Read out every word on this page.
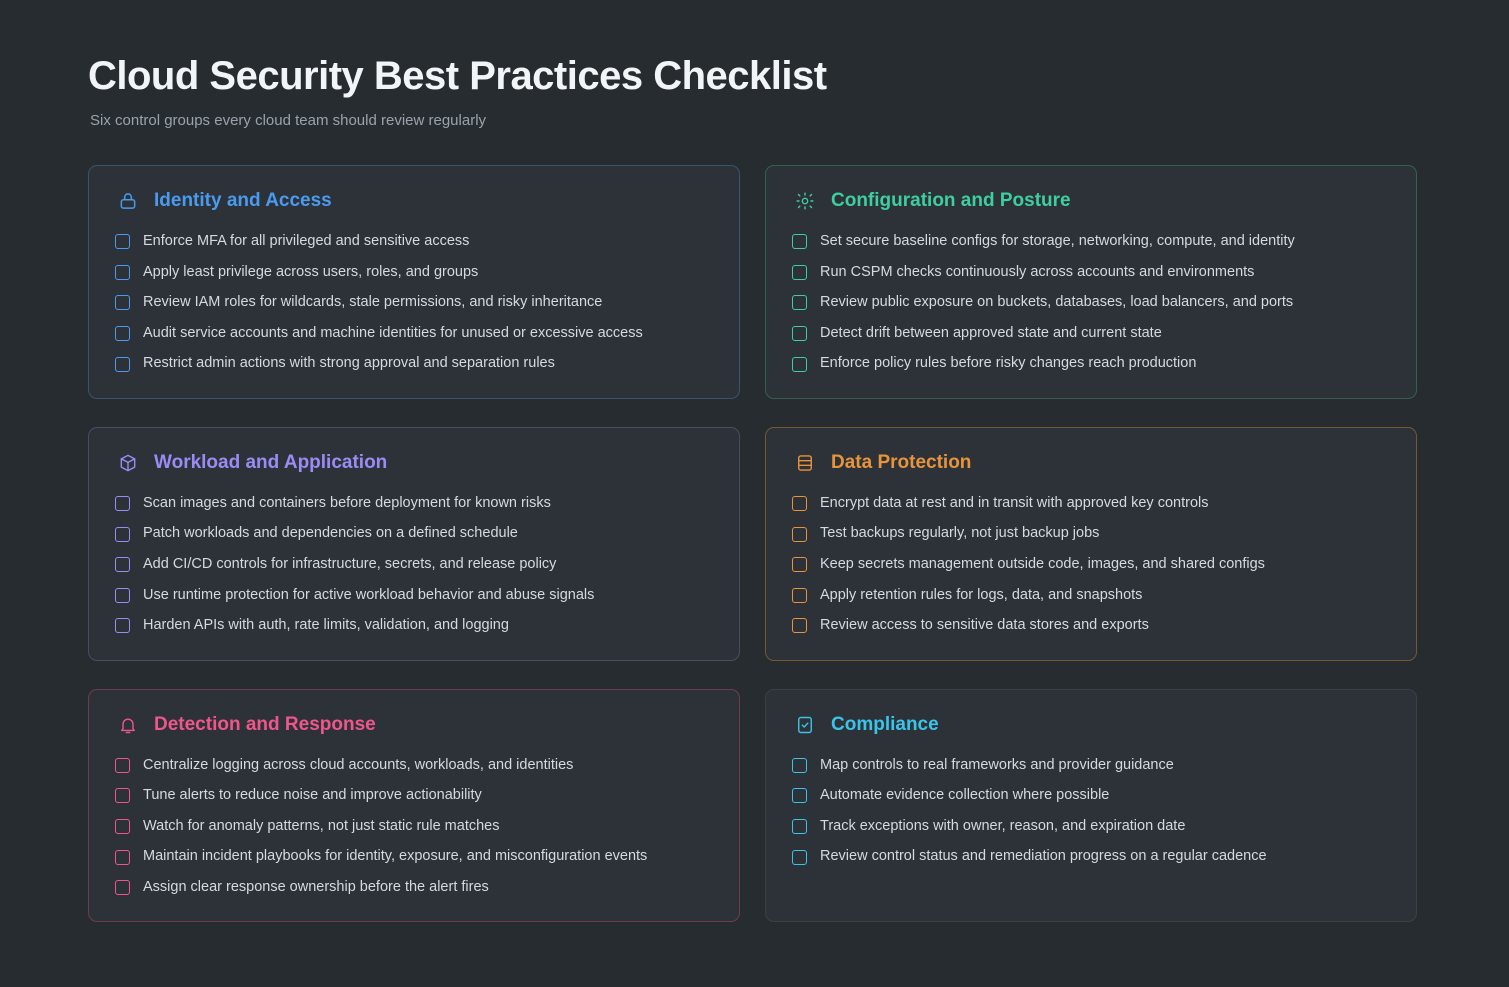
Cloud Security Best Practices Checklist
Six control groups every cloud team should review regularly
Identity and Access
Enforce MFA for all privileged and sensitive access
Apply least privilege across users, roles, and groups
Review IAM roles for wildcards, stale permissions, and risky inheritance
Audit service accounts and machine identities for unused or excessive access
Restrict admin actions with strong approval and separation rules
Configuration and Posture
Set secure baseline configs for storage, networking, compute, and identity
Run CSPM checks continuously across accounts and environments
Review public exposure on buckets, databases, load balancers, and ports
Detect drift between approved state and current state
Enforce policy rules before risky changes reach production
Workload and Application
Scan images and containers before deployment for known risks
Patch workloads and dependencies on a defined schedule
Add CI/CD controls for infrastructure, secrets, and release policy
Use runtime protection for active workload behavior and abuse signals
Harden APIs with auth, rate limits, validation, and logging
Data Protection
Encrypt data at rest and in transit with approved key controls
Test backups regularly, not just backup jobs
Keep secrets management outside code, images, and shared configs
Apply retention rules for logs, data, and snapshots
Review access to sensitive data stores and exports
Detection and Response
Centralize logging across cloud accounts, workloads, and identities
Tune alerts to reduce noise and improve actionability
Watch for anomaly patterns, not just static rule matches
Maintain incident playbooks for identity, exposure, and misconfiguration events
Assign clear response ownership before the alert fires
Compliance
Map controls to real frameworks and provider guidance
Automate evidence collection where possible
Track exceptions with owner, reason, and expiration date
Review control status and remediation progress on a regular cadence
